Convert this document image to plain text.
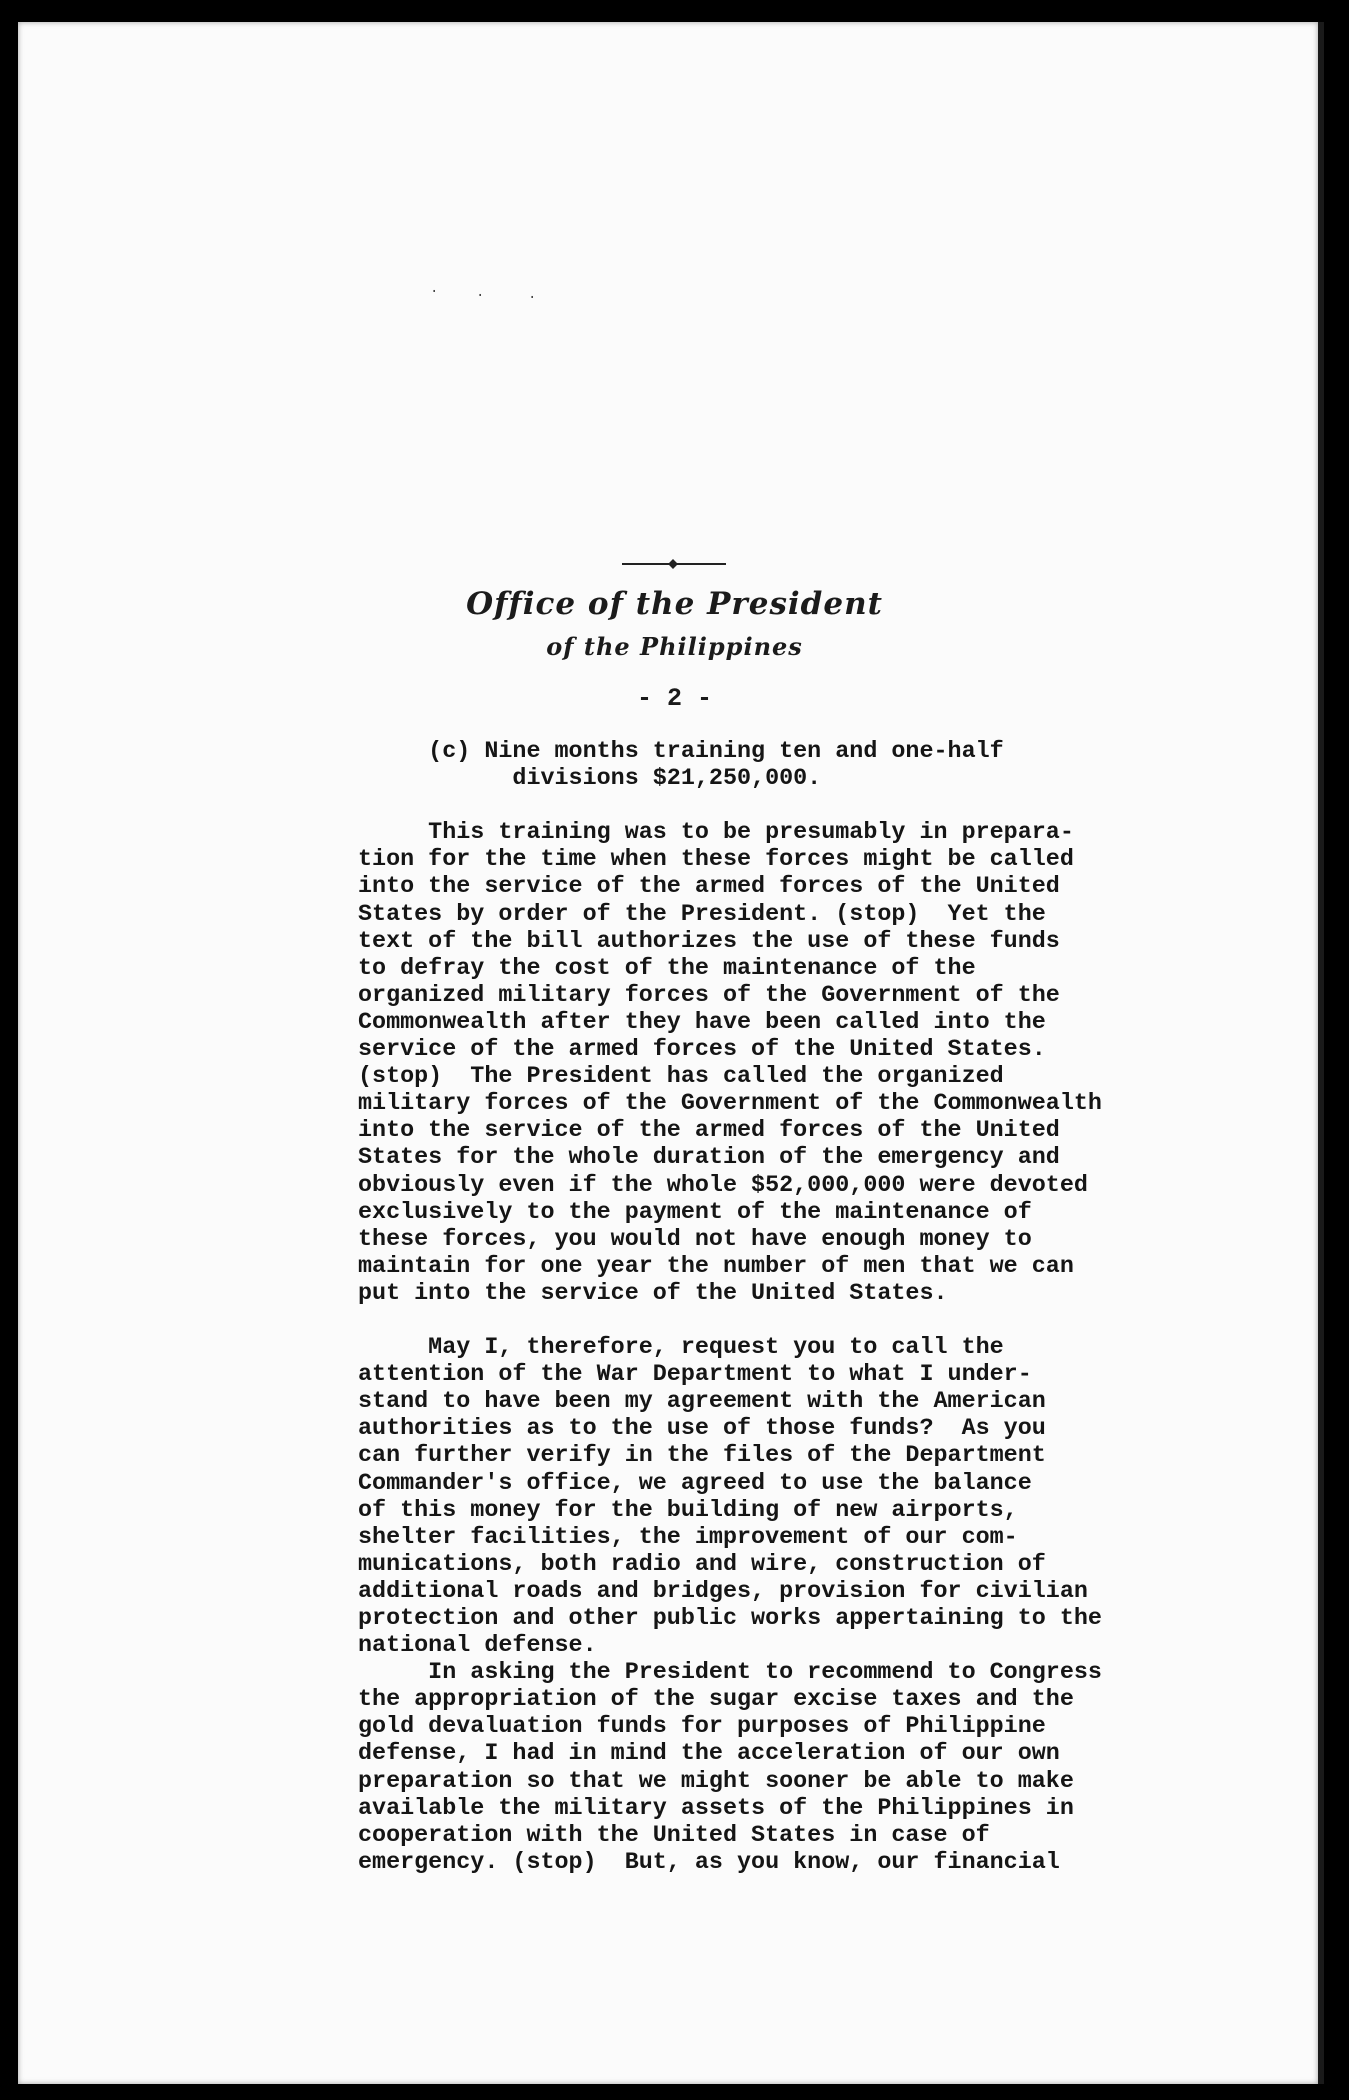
·	·	·
Office of the President
of the Philippines
- 2 -
(c) Nine months training ten and one-half
divisions $21,250,000.

This training was to be presumably in prepara-
tion for the time when these forces might be called
into the service of the armed forces of the United
States by order of the President. (stop)  Yet the
text of the bill authorizes the use of these funds
to defray the cost of the maintenance of the
organized military forces of the Government of the
Commonwealth after they have been called into the
service of the armed forces of the United States.
(stop)  The President has called the organized
military forces of the Government of the Commonwealth
into the service of the armed forces of the United
States for the whole duration of the emergency and
obviously even if the whole $52,000,000 were devoted
exclusively to the payment of the maintenance of
these forces, you would not have enough money to
maintain for one year the number of men that we can
put into the service of the United States.

May I, therefore, request you to call the
attention of the War Department to what I under-
stand to have been my agreement with the American
authorities as to the use of those funds?  As you
can further verify in the files of the Department
Commander's office, we agreed to use the balance
of this money for the building of new airports,
shelter facilities, the improvement of our com-
munications, both radio and wire, construction of
additional roads and bridges, provision for civilian
protection and other public works appertaining to the
national defense.
In asking the President to recommend to Congress
the appropriation of the sugar excise taxes and the
gold devaluation funds for purposes of Philippine
defense, I had in mind the acceleration of our own
preparation so that we might sooner be able to make
available the military assets of the Philippines in
cooperation with the United States in case of
emergency. (stop)  But, as you know, our financial
